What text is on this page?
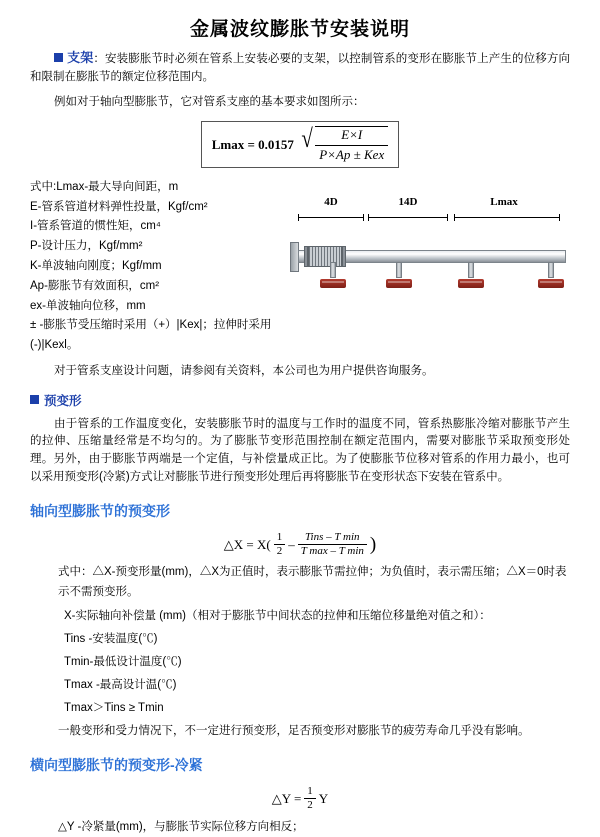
金属波纹膨胀节安装说明

支架：安装膨胀节时必须在管系上安装必要的支架，以控制管系的变形在膨胀节上产生的位移方向和限制在膨胀节的额定位移范围内。

例如对于轴向型膨胀节，它对管系支座的基本要求如图所示：

Lmax = 0.0157 √ $\frac{E\times I}{\text{P×Ap ± Kex}}$
式中:Lmax-最大导向间距，m
E-管系管道材料弹性投量，Kgf/cm²
I-管系管道的惯性矩，cm⁴
P-设计压力，Kgf/mm²
K-单波轴向刚度；Kgf/mm
Ap-膨胀节有效面积，cm²
ex-单波轴向位移，mm
± -膨胀节受压缩时采用（+）|Kex|；拉伸时采用(-)|Kexl。
4D	14D	Lmax

对于管系支座设计问题，请参阅有关资料，本公司也为用户提供咨询服务。

预变形

由于管系的工作温度变化，安装膨胀节时的温度与工作时的温度不同，管系热膨胀冷缩对膨胀节产生的拉伸、压缩量经常是不均匀的。为了膨胀节变形范围控制在额定范围内，需要对膨胀节采取预变形处理。另外，由于膨胀节两端是一个定值，与补偿量成正比。为了使膨胀节位移对管系的作用力最小，也可以采用预变形(冷紧)方式让对膨胀节进行预变形处理后再将膨胀节在变形状态下安装在管系中。

轴向型膨胀节的预变形
△X = $X( \frac{1}{2} - \frac{\text{Tins – T min}}{\text{T max – T min}}$ )

式中：△X-预变形量(mm)，△X为正值时，表示膨胀节需拉伸；为负值时，表示需压缩；△X＝0时表示不需预变形。

X-实际轴向补偿量 (mm)（相对于膨胀节中间状态的拉伸和压缩位移量绝对值之和）：

Tins -安装温度(℃)

Tmin-最低设计温度(℃)

Tmax -最高设计温(℃)

Tmax＞Tins ≥ Tmin

一般变形和受力情况下，不一定进行预变形，足否预变形对膨胀节的疲劳寿命几乎没有影响。

横向型膨胀节的预变形-冷紧
△Y = $\frac{1}{2}$ Y

△Y -冷紧量(mm)，与膨胀节实际位移方向相反；
